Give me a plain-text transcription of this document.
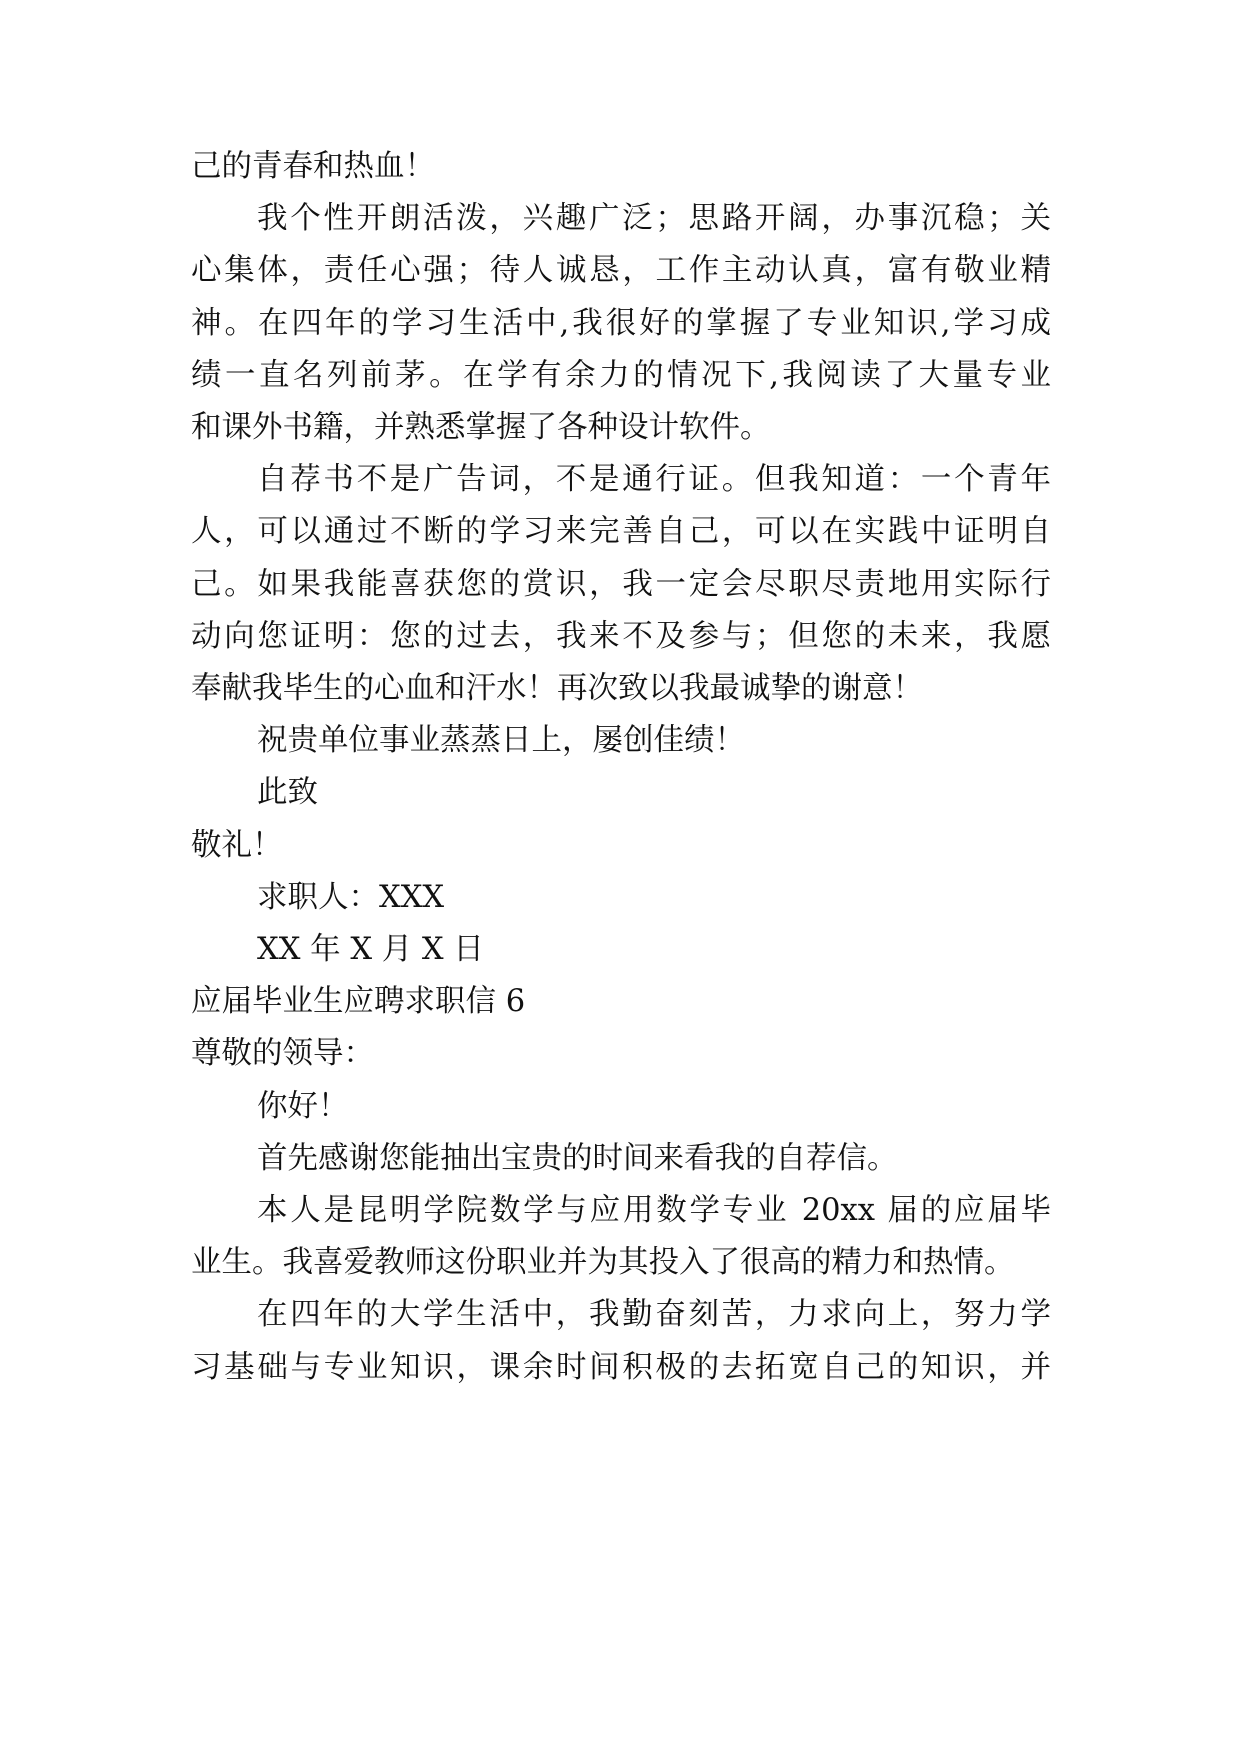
己的青春和热血！
我个性开朗活泼，兴趣广泛；思路开阔，办事沉稳；关
心集体，责任心强；待人诚恳，工作主动认真，富有敬业精
神。在四年的学习生活中,我很好的掌握了专业知识,学习成
绩一直名列前茅。在学有余力的情况下,我阅读了大量专业
和课外书籍，并熟悉掌握了各种设计软件。
自荐书不是广告词，不是通行证。但我知道：一个青年
人，可以通过不断的学习来完善自己，可以在实践中证明自
己。如果我能喜获您的赏识，我一定会尽职尽责地用实际行
动向您证明：您的过去，我来不及参与；但您的未来，我愿
奉献我毕生的心血和汗水！再次致以我最诚挚的谢意！
祝贵单位事业蒸蒸日上，屡创佳绩！
此致
敬礼！
求职人：XXX
XX 年 X 月 X 日
应届毕业生应聘求职信 6
尊敬的领导：
你好！
首先感谢您能抽出宝贵的时间来看我的自荐信。
本人是昆明学院数学与应用数学专业 20xx 届的应届毕
业生。我喜爱教师这份职业并为其投入了很高的精力和热情。
在四年的大学生活中，我勤奋刻苦，力求向上，努力学
习基础与专业知识，课余时间积极的去拓宽自己的知识，并
